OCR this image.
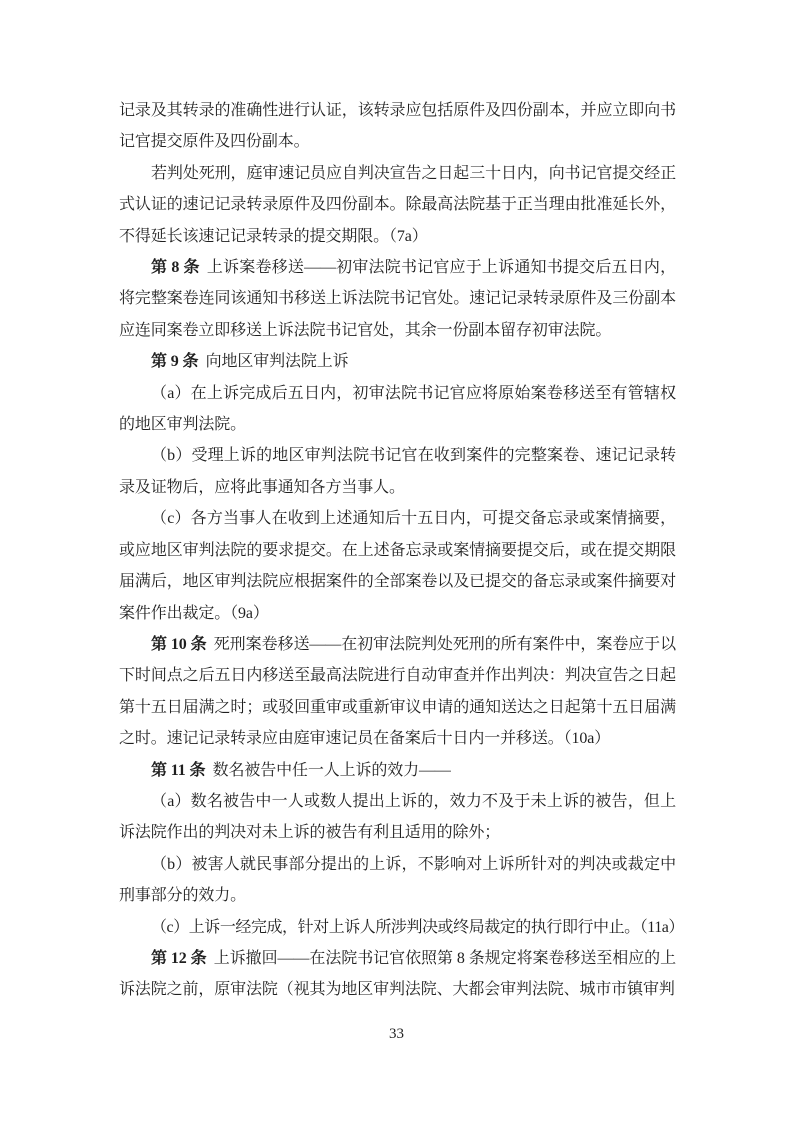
记录及其转录的准确性进行认证，该转录应包括原件及四份副本，并应立即向书记官提交原件及四份副本。

若判处死刑，庭审速记员应自判决宣告之日起三十日内，向书记官提交经正式认证的速记记录转录原件及四份副本。除最高法院基于正当理由批准延长外，不得延长该速记记录转录的提交期限。（7a）

第 8 条 上诉案卷移送——初审法院书记官应于上诉通知书提交后五日内，将完整案卷连同该通知书移送上诉法院书记官处。速记记录转录原件及三份副本应连同案卷立即移送上诉法院书记官处，其余一份副本留存初审法院。

第 9 条 向地区审判法院上诉

（a）在上诉完成后五日内，初审法院书记官应将原始案卷移送至有管辖权的地区审判法院。

（b）受理上诉的地区审判法院书记官在收到案件的完整案卷、速记记录转录及证物后，应将此事通知各方当事人。

（c）各方当事人在收到上述通知后十五日内，可提交备忘录或案情摘要，或应地区审判法院的要求提交。在上述备忘录或案情摘要提交后，或在提交期限届满后，地区审判法院应根据案件的全部案卷以及已提交的备忘录或案件摘要对案件作出裁定。（9a）

第 10 条 死刑案卷移送——在初审法院判处死刑的所有案件中，案卷应于以下时间点之后五日内移送至最高法院进行自动审查并作出判决：判决宣告之日起第十五日届满之时；或驳回重审或重新审议申请的通知送达之日起第十五日届满之时。速记记录转录应由庭审速记员在备案后十日内一并移送。（10a）

第 11 条 数名被告中任一人上诉的效力——

（a）数名被告中一人或数人提出上诉的，效力不及于未上诉的被告，但上诉法院作出的判决对未上诉的被告有利且适用的除外；

（b）被害人就民事部分提出的上诉，不影响对上诉所针对的判决或裁定中刑事部分的效力。

（c）上诉一经完成，针对上诉人所涉判决或终局裁定的执行即行中止。（11a）

第 12 条 上诉撤回——在法院书记官依照第 8 条规定将案卷移送至相应的上诉法院之前，原审法院（视其为地区审判法院、大都会审判法院、城市市镇审判

33
